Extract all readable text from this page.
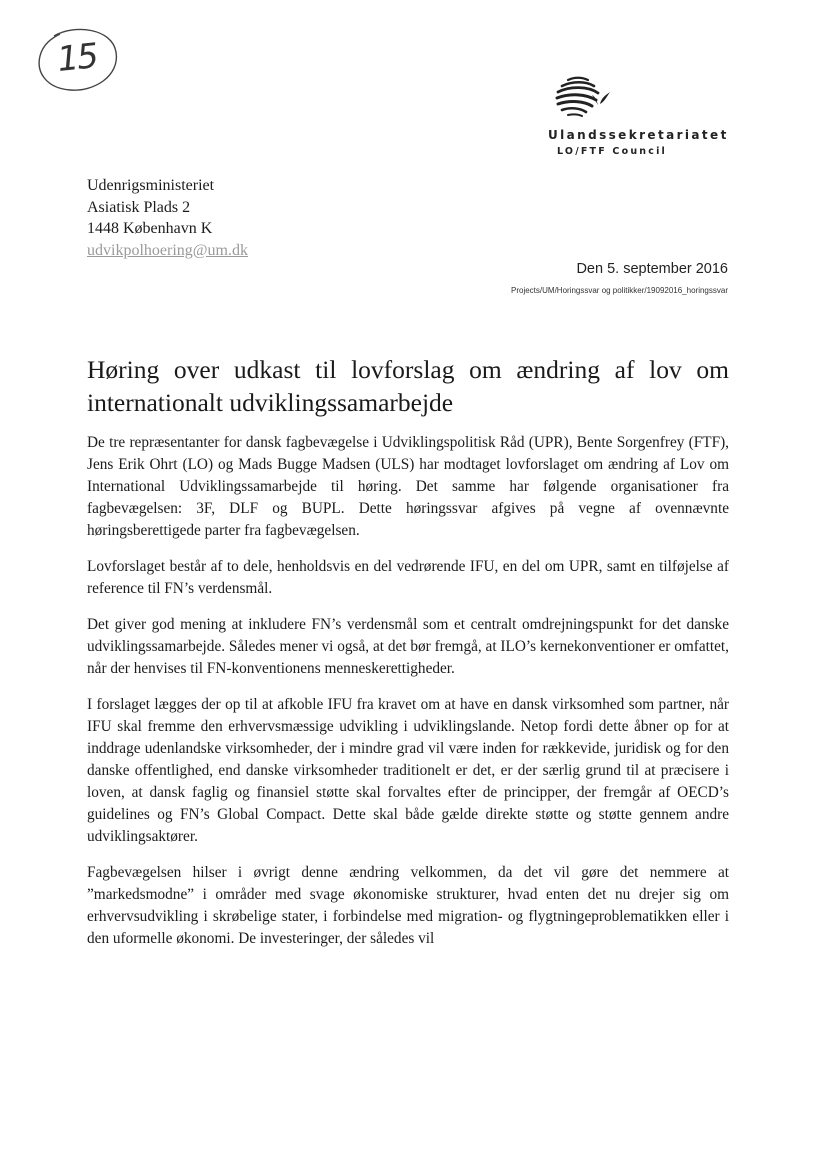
15
Ulandssekretariatet
LO/FTF Council
Udenrigsministeriet
Asiatisk Plads 2
1448 København K
udvikpolhoering@um.dk
Den 5. september 2016
Projects/UM/Horingssvar og politikker/19092016_horingssvar
Høring over udkast til lovforslag om ændring af lov om
internationalt udviklingssamarbejde

De tre repræsentanter for dansk fagbevægelse i Udviklingspolitisk Råd (UPR), Bente Sorgenfrey (FTF), Jens Erik Ohrt (LO) og Mads Bugge Madsen (ULS) har modtaget lovforslaget om ændring af Lov om International Udviklingssamarbejde til høring. Det samme har følgende organisationer fra fagbevægelsen: 3F, DLF og BUPL. Dette høringssvar afgives på vegne af ovennævnte høringsberettigede parter fra fagbevægelsen.

Lovforslaget består af to dele, henholdsvis en del vedrørende IFU, en del om UPR, samt en tilføjelse af reference til FN’s verdensmål.

Det giver god mening at inkludere FN’s verdensmål som et centralt omdrejningspunkt for det danske udviklingssamarbejde. Således mener vi også, at det bør fremgå, at ILO’s kernekonventioner er omfattet, når der henvises til FN-konventionens menneskerettigheder.

I forslaget lægges der op til at afkoble IFU fra kravet om at have en dansk virksomhed som partner, når IFU skal fremme den erhvervsmæssige udvikling i udviklingslande. Netop fordi dette åbner op for at inddrage udenlandske virksomheder, der i mindre grad vil være inden for rækkevide, juridisk og for den danske offentlighed, end danske virksomheder traditionelt er det, er der særlig grund til at præcisere i loven, at dansk faglig og finansiel støtte skal forvaltes efter de principper, der fremgår af OECD’s guidelines og FN’s Global Compact. Dette skal både gælde direkte støtte og støtte gennem andre udviklingsaktører.

Fagbevægelsen hilser i øvrigt denne ændring velkommen, da det vil gøre det nemmere at ”markedsmodne” i områder med svage økonomiske strukturer, hvad enten det nu drejer sig om erhvervsudvikling i skrøbelige stater, i forbindelse med migration- og flygtningeproblematikken eller i den uformelle økonomi. De investeringer, der således vil
